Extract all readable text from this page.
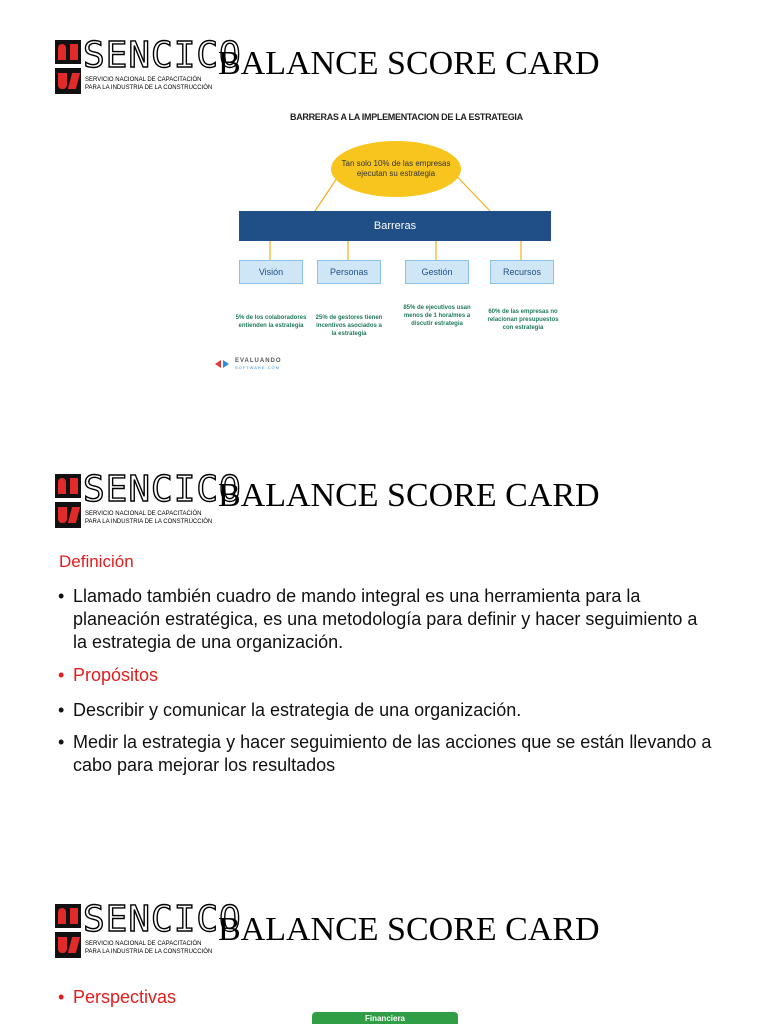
SENCICO
SERVICIO NACIONAL DE CAPACITACIÓN
PARA LA INDUSTRIA DE LA CONSTRUCCIÓN
BALANCE SCORE CARD
BARRERAS A LA IMPLEMENTACION DE LA ESTRATEGIA
Tan solo 10% de las empresas ejecutan su estrategia
Barreras
Visión	Personas	Gestión	Recursos
5% de los colaboradores entienden la estrategia
25% de gestores tienen incentivos asociados a la estrategia
85% de ejecutivos usan menos de 1 hora/mes a discutir estrategia
60% de las empresas no relacionan presupuestos con estrategia
EVALUANDO
SOFTWARE.COM
SENCICO
SERVICIO NACIONAL DE CAPACITACIÓN
PARA LA INDUSTRIA DE LA CONSTRUCCIÓN
BALANCE SCORE CARD
Definición
• Llamado también cuadro de mando integral es una herramienta para la planeación estratégica, es una metodología para definir y hacer seguimiento a la estrategia de una organización.
• Propósitos
• Describir y comunicar la estrategia de una organización.
• Medir la estrategia y hacer seguimiento de las acciones que se están llevando a cabo para mejorar los resultados
SENCICO
SERVICIO NACIONAL DE CAPACITACIÓN
PARA LA INDUSTRIA DE LA CONSTRUCCIÓN
BALANCE SCORE CARD
• Perspectivas
Financiera
